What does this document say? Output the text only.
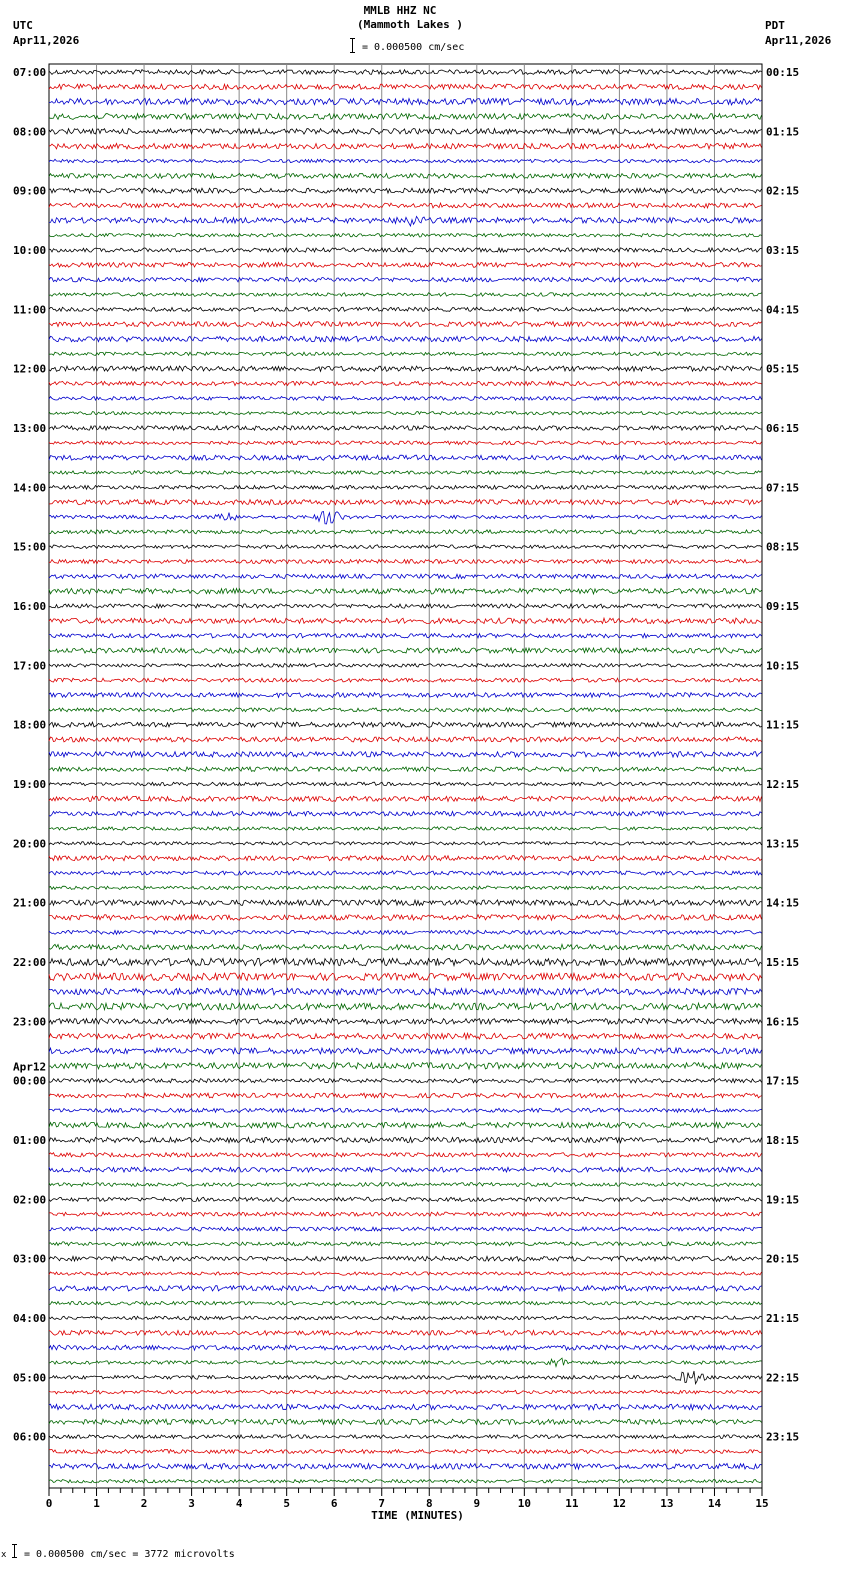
MMLB HHZ NC
(Mammoth Lakes )
= 0.000500 cm/sec
UTC
Apr11,2026
PDT
Apr11,2026
07:00
08:00
09:00
10:00
11:00
12:00
13:00
14:00
15:00
16:00
17:00
18:00
19:00
20:00
21:00
22:00
23:00
00:00
01:00
02:00
03:00
04:00
05:00
06:00
Apr12
00:15
01:15
02:15
03:15
04:15
05:15
06:15
07:15
08:15
09:15
10:15
11:15
12:15
13:15
14:15
15:15
16:15
17:15
18:15
19:15
20:15
21:15
22:15
23:15
0	1	2	3	4	5	6	7	8	9	10	11	12	13	14	15
TIME (MINUTES)
x = 0.000500 cm/sec = 3772 microvolts
